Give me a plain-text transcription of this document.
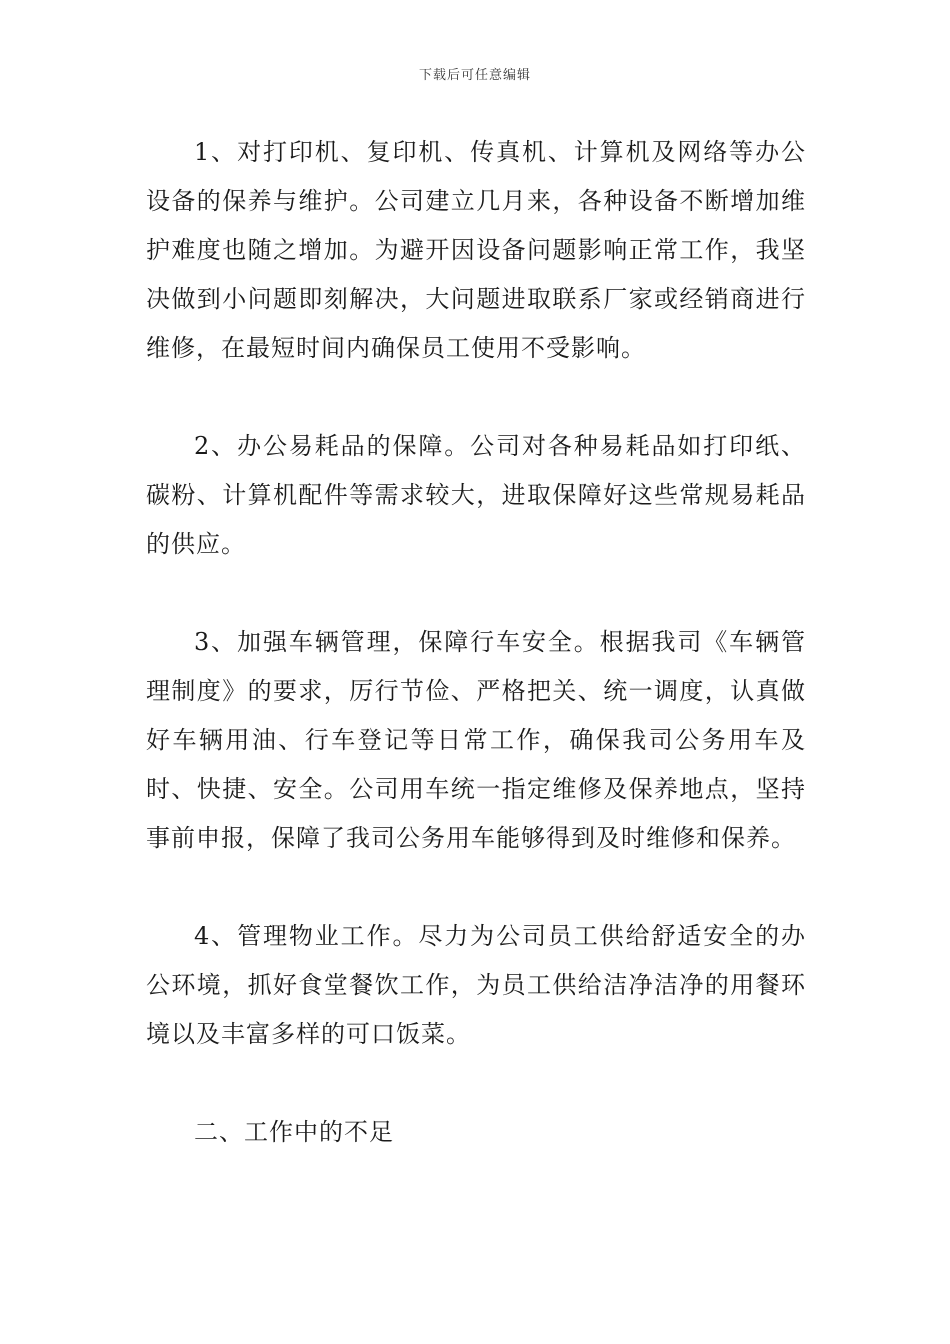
下载后可任意编辑

1、对打印机、复印机、传真机、计算机及网络等办公设备的保养与维护。公司建立几月来，各种设备不断增加维护难度也随之增加。为避开因设备问题影响正常工作，我坚决做到小问题即刻解决，大问题进取联系厂家或经销商进行维修，在最短时间内确保员工使用不受影响。

2、办公易耗品的保障。公司对各种易耗品如打印纸、碳粉、计算机配件等需求较大，进取保障好这些常规易耗品的供应。

3、加强车辆管理，保障行车安全。根据我司《车辆管理制度》的要求，厉行节俭、严格把关、统一调度，认真做好车辆用油、行车登记等日常工作，确保我司公务用车及时、快捷、安全。公司用车统一指定维修及保养地点，坚持事前申报，保障了我司公务用车能够得到及时维修和保养。

4、管理物业工作。尽力为公司员工供给舒适安全的办公环境，抓好食堂餐饮工作，为员工供给洁净洁净的用餐环境以及丰富多样的可口饭菜。

二、工作中的不足
